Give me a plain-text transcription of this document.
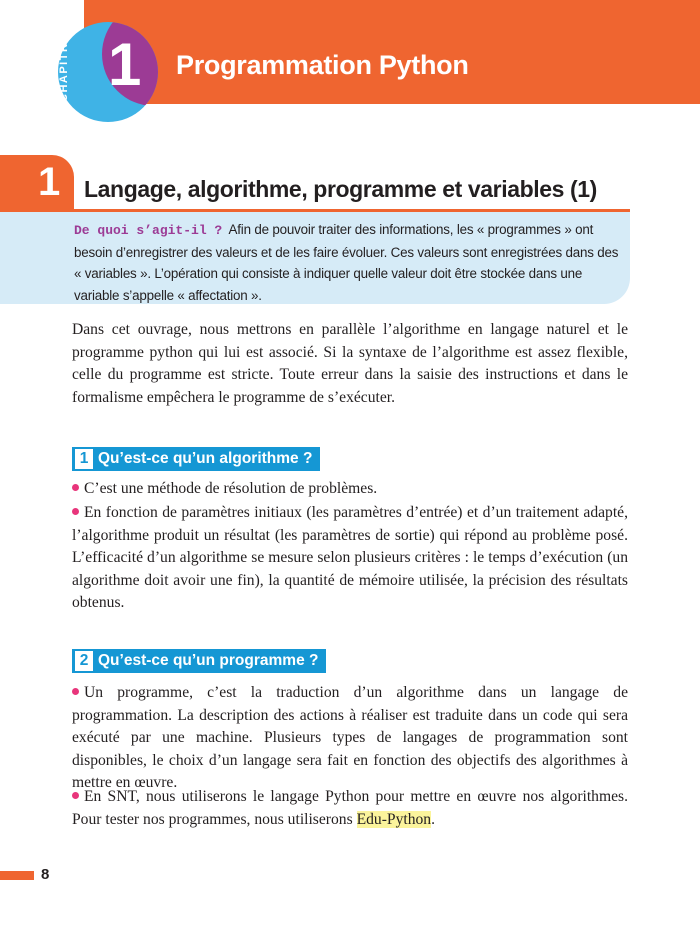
CHAPITRE 1 Programmation Python
1 Langage, algorithme, programme et variables (1)
De quoi s’agit-il ? Afin de pouvoir traiter des informations, les « programmes » ont besoin d’enregistrer des valeurs et de les faire évoluer. Ces valeurs sont enregistrées dans des « variables ». L’opération qui consiste à indiquer quelle valeur doit être stockée dans une variable s’appelle « affectation ».
Dans cet ouvrage, nous mettrons en parallèle l’algorithme en langage naturel et le programme python qui lui est associé. Si la syntaxe de l’algorithme est assez flexible, celle du programme est stricte. Toute erreur dans la saisie des instructions et dans le formalisme empêchera le programme de s’exécuter.
1 Qu’est-ce qu’un algorithme ?
C’est une méthode de résolution de problèmes.
En fonction de paramètres initiaux (les paramètres d’entrée) et d’un traitement adapté, l’algorithme produit un résultat (les paramètres de sortie) qui répond au problème posé. L’efficacité d’un algorithme se mesure selon plusieurs critères : le temps d’exécution (un algorithme doit avoir une fin), la quantité de mémoire utilisée, la précision des résultats obtenus.
2 Qu’est-ce qu’un programme ?
Un programme, c’est la traduction d’un algorithme dans un langage de programmation. La description des actions à réaliser est traduite dans un code qui sera exécuté par une machine. Plusieurs types de langages de programmation sont disponibles, le choix d’un langage sera fait en fonction des objectifs des algorithmes à mettre en œuvre.
En SNT, nous utiliserons le langage Python pour mettre en œuvre nos algorithmes. Pour tester nos programmes, nous utiliserons Edu-Python.
8
